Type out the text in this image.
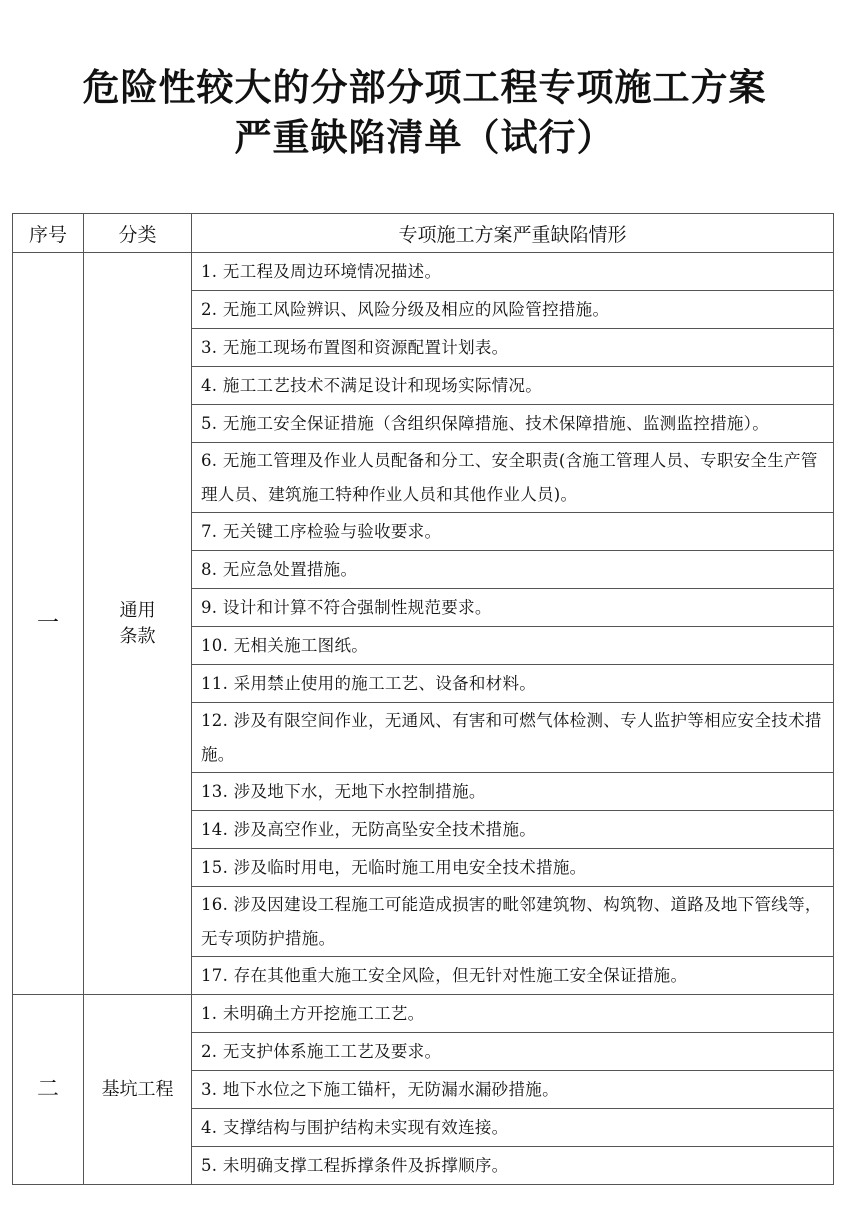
危险性较大的分部分项工程专项施工方案
严重缺陷清单（试行）
序号	分类	专项施工方案严重缺陷情形
一	通用条款	1. 无工程及周边环境情况描述。
		2. 无施工风险辨识、风险分级及相应的风险管控措施。
		3. 无施工现场布置图和资源配置计划表。
		4. 施工工艺技术不满足设计和现场实际情况。
		5. 无施工安全保证措施（含组织保障措施、技术保障措施、监测监控措施）。
		6. 无施工管理及作业人员配备和分工、安全职责(含施工管理人员、专职安全生产管理人员、建筑施工特种作业人员和其他作业人员)。
		7. 无关键工序检验与验收要求。
		8. 无应急处置措施。
		9. 设计和计算不符合强制性规范要求。
		10. 无相关施工图纸。
		11. 采用禁止使用的施工工艺、设备和材料。
		12. 涉及有限空间作业，无通风、有害和可燃气体检测、专人监护等相应安全技术措施。
		13. 涉及地下水，无地下水控制措施。
		14. 涉及高空作业，无防高坠安全技术措施。
		15. 涉及临时用电，无临时施工用电安全技术措施。
		16. 涉及因建设工程施工可能造成损害的毗邻建筑物、构筑物、道路及地下管线等，无专项防护措施。
		17. 存在其他重大施工安全风险，但无针对性施工安全保证措施。
二	基坑工程	1. 未明确土方开挖施工工艺。
		2. 无支护体系施工工艺及要求。
		3. 地下水位之下施工锚杆，无防漏水漏砂措施。
		4. 支撑结构与围护结构未实现有效连接。
		5. 未明确支撑工程拆撑条件及拆撑顺序。
